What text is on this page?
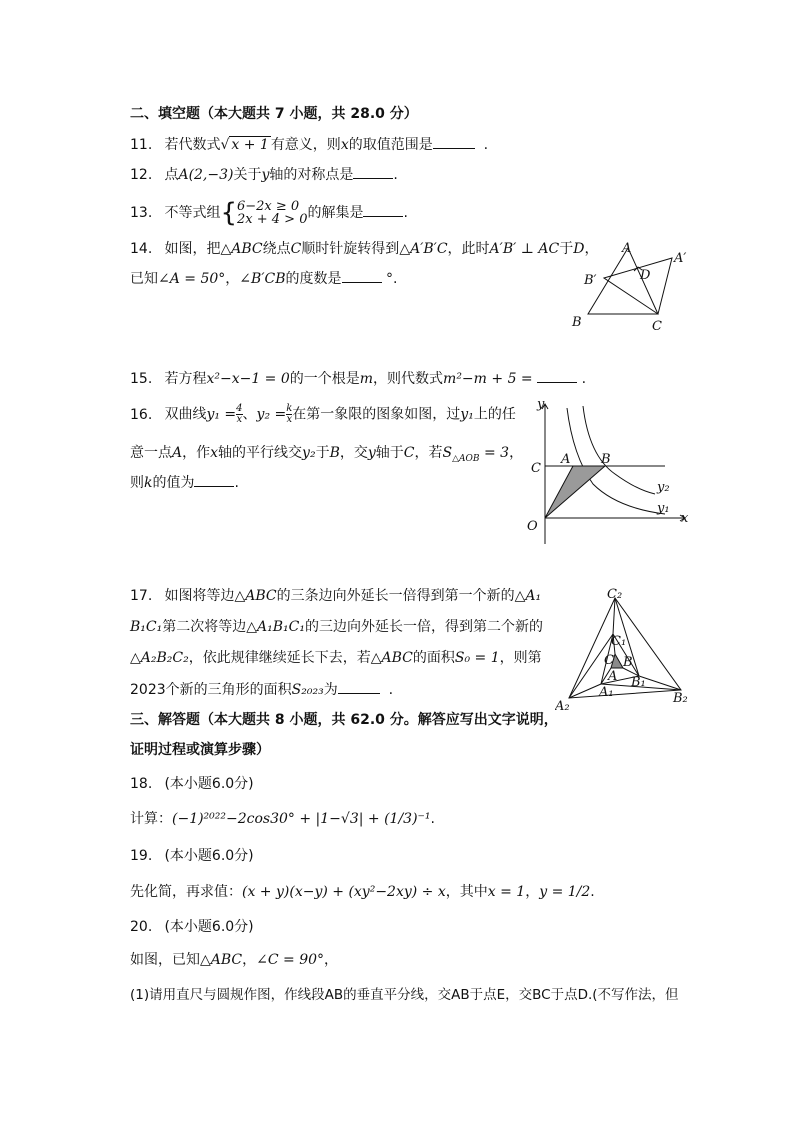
二、填空题（本大题共 7 小题，共 28.0 分）
11. 若代数式√ x + 1 有意义，则x的取值范围是	.
12. 点A(2,−3)关于y轴的对称点是	.
13. 不等式组{6−2x ≥ 0
2x + 4 > 0的解集是	.
14. 如图，把△ABC绕点C顺时针旋转得到△A′B′C，此时A′B′ ⊥ AC于D，
已知∠A = 50°，∠B′CB的度数是	°.
A
A′
B′	D
B	C
15. 若方程x²−x−1 = 0的一个根是m，则代数式m²−m + 5 =	.
16. 双曲线$y_1 = \frac{4}{x}$ 、$y_2 = \frac{k}{x}$ 在第一象限的图象如图，过y₁上的任
意一点A，作x轴的平行线交y₂于B，交y轴于C，若$S_{\triangle AOB} = 3$，
则k的值为	.
y
C
A B
y₂
y₁
O
x
17. 如图将等边△ABC的三条边向外延长一倍得到第一个新的△A₁
B₁C₁第二次将等边△A₁B₁C₁的三边向外延长一倍，得到第二个新的
△A₂B₂C₂，依此规律继续延长下去，若△ABC的面积S₀ = 1，则第
2023个新的三角形的面积S₂₀₂₃为	.
C₂
C₁
C B
A B₁
A₁
A₂
B₂
三、解答题（本大题共 8 小题，共 62.0 分。解答应写出文字说明，
证明过程或演算步骤）
18. (本小题6.0分)
计算：(−1)²⁰²²−2cos30° + |1−√3| + (1/3)⁻¹.
19. (本小题6.0分)
先化简，再求值：(x + y)(x−y) + (xy²−2xy) ÷ x，其中x = 1，y = 1/2.
20. (本小题6.0分)
如图，已知△ABC，∠C = 90°，
(1)请用直尺与圆规作图，作线段AB的垂直平分线，交AB于点E，交BC于点D.(不写作法，但
